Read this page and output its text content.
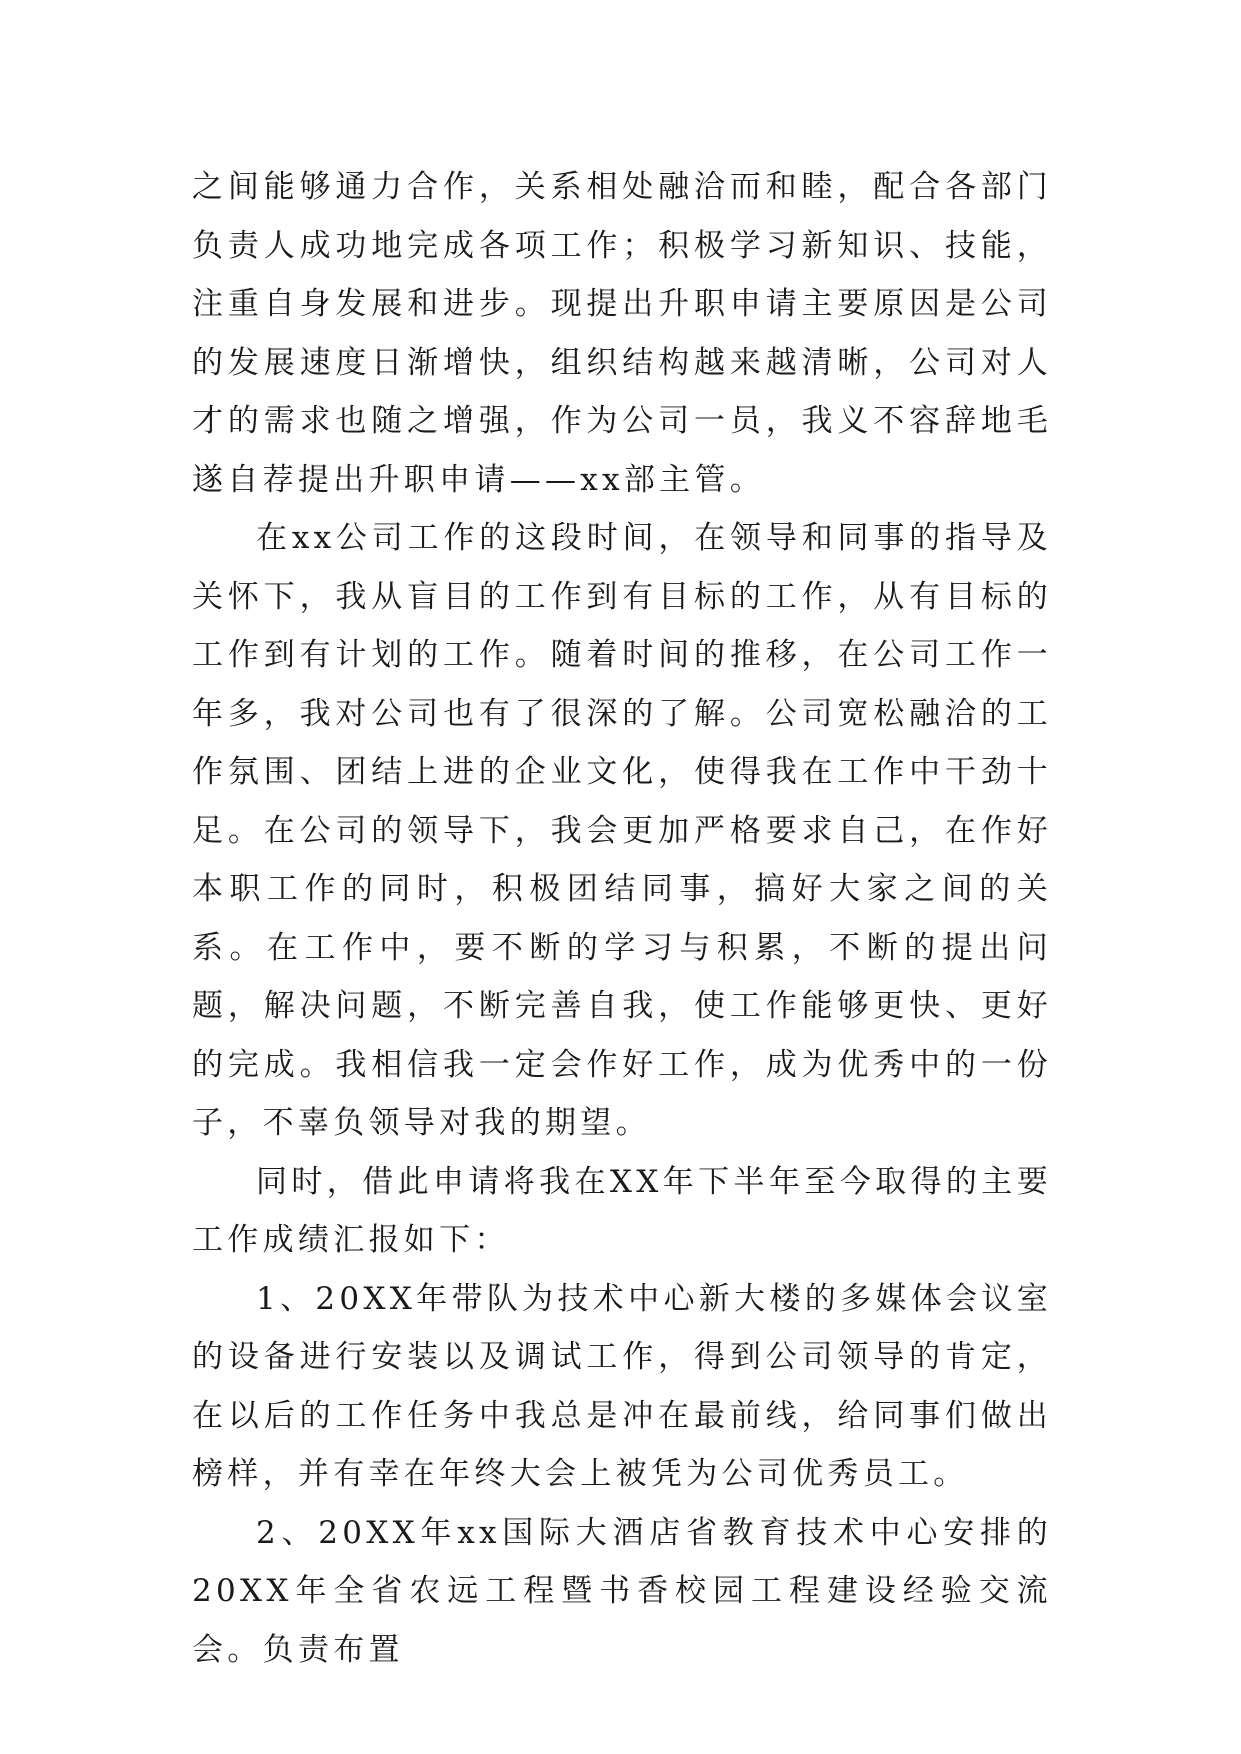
之间能够通力合作，关系相处融洽而和睦，配合各部门负责人成功地完成各项工作；积极学习新知识、技能，注重自身发展和进步。现提出升职申请主要原因是公司的发展速度日渐增快，组织结构越来越清晰，公司对人才的需求也随之增强，作为公司一员，我义不容辞地毛遂自荐提出升职申请——xx部主管。

在xx公司工作的这段时间，在领导和同事的指导及关怀下，我从盲目的工作到有目标的工作，从有目标的工作到有计划的工作。随着时间的推移，在公司工作一年多，我对公司也有了很深的了解。公司宽松融洽的工作氛围、团结上进的企业文化，使得我在工作中干劲十足。在公司的领导下，我会更加严格要求自己，在作好本职工作的同时，积极团结同事，搞好大家之间的关系。在工作中，要不断的学习与积累，不断的提出问题，解决问题，不断完善自我，使工作能够更快、更好的完成。我相信我一定会作好工作，成为优秀中的一份子，不辜负领导对我的期望。

同时，借此申请将我在XX年下半年至今取得的主要工作成绩汇报如下：

1、20XX年带队为技术中心新大楼的多媒体会议室的设备进行安装以及调试工作，得到公司领导的肯定，在以后的工作任务中我总是冲在最前线，给同事们做出榜样，并有幸在年终大会上被凭为公司优秀员工。

2、20XX年xx国际大酒店省教育技术中心安排的20XX年全省农远工程暨书香校园工程建设经验交流会。负责布置
